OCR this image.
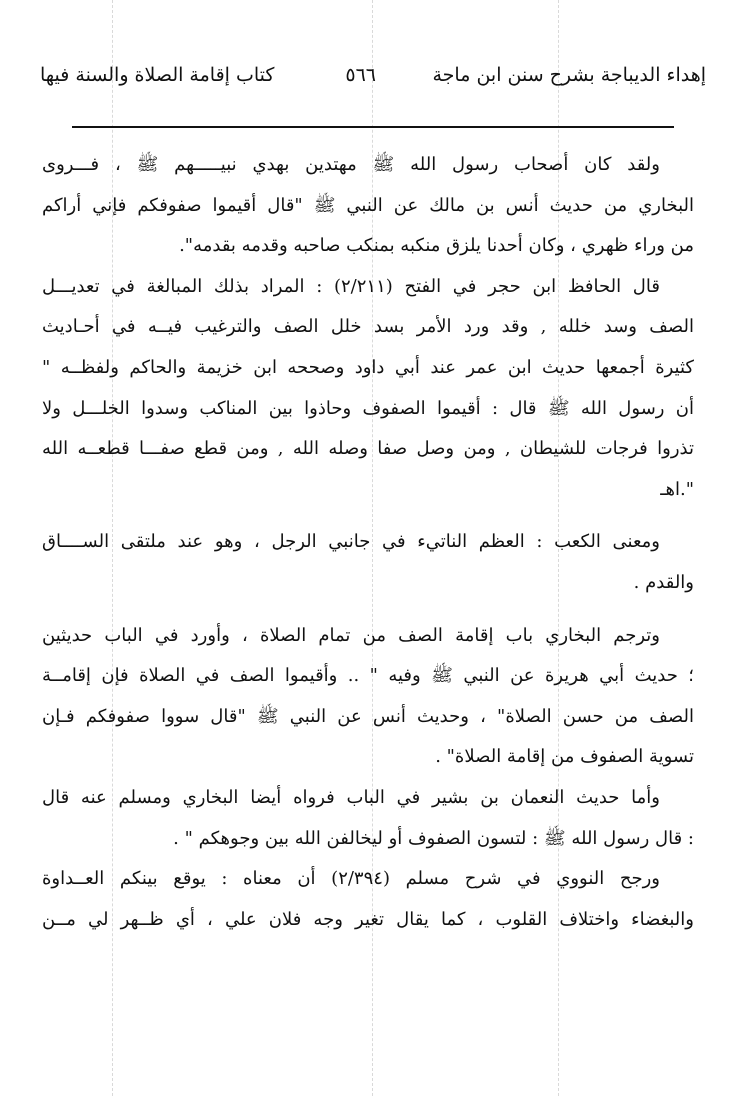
إهداء الديباجة بشرح سنن ابن ماجة
٥٦٦
كتاب إقامة الصلاة والسنة فيها
ولقد كان أصحاب رسول الله ﷺ مهتدين بهدي نبيـــــهم ﷺ ، فـــروى
البخاري من حديث أنس بن مالك عن النبي ﷺ "قال أقيموا صفوفكم فإني أراكم
من وراء ظهري ، وكان أحدنا يلزق منكبه بمنكب صاحبه وقدمه بقدمه".
قال الحافظ ابن حجر في الفتح (٢/٢١١) : المراد بذلك المبالغة في تعديـــل
الصف وسد خلله , وقد ورد الأمر بسد خلل الصف والترغيب فيــه في أحـاديث
كثيرة أجمعها حديث ابن عمر عند أبي داود وصححه ابن خزيمة والحاكم ولفظــه "
أن رسول الله ﷺ قال : أقيموا الصفوف وحاذوا بين المناكب وسدوا الخلـــل ولا
تذروا فرجات للشيطان , ومن وصل صفا وصله الله , ومن قطع صفـــا قطعــه الله
".اهـ
ومعنى الكعب : العظم الناتيء في جانبي الرجل ، وهو عند ملتقى الســــاق
والقدم .
وترجم البخاري باب إقامة الصف من تمام الصلاة ، وأورد في الباب حديثين
؛ حديث أبي هريرة عن النبي ﷺ وفيه " .. وأقيموا الصف في الصلاة فإن إقامــة
الصف من حسن الصلاة" ، وحديث أنس عن النبي ﷺ "قال سووا صفوفكم فـإن
تسوية الصفوف من إقامة الصلاة" .
وأما حديث النعمان بن بشير في الباب فرواه أيضا البخاري ومسلم عنه قال
: قال رسول الله ﷺ : لتسون الصفوف أو ليخالفن الله بين وجوهكم " .
ورجح النووي في شرح مسلم (٢/٣٩٤) أن معناه : يوقع بينكم العــداوة
والبغضاء واختلاف القلوب ، كما يقال تغير وجه فلان علي ، أي ظــهر لي مــن
